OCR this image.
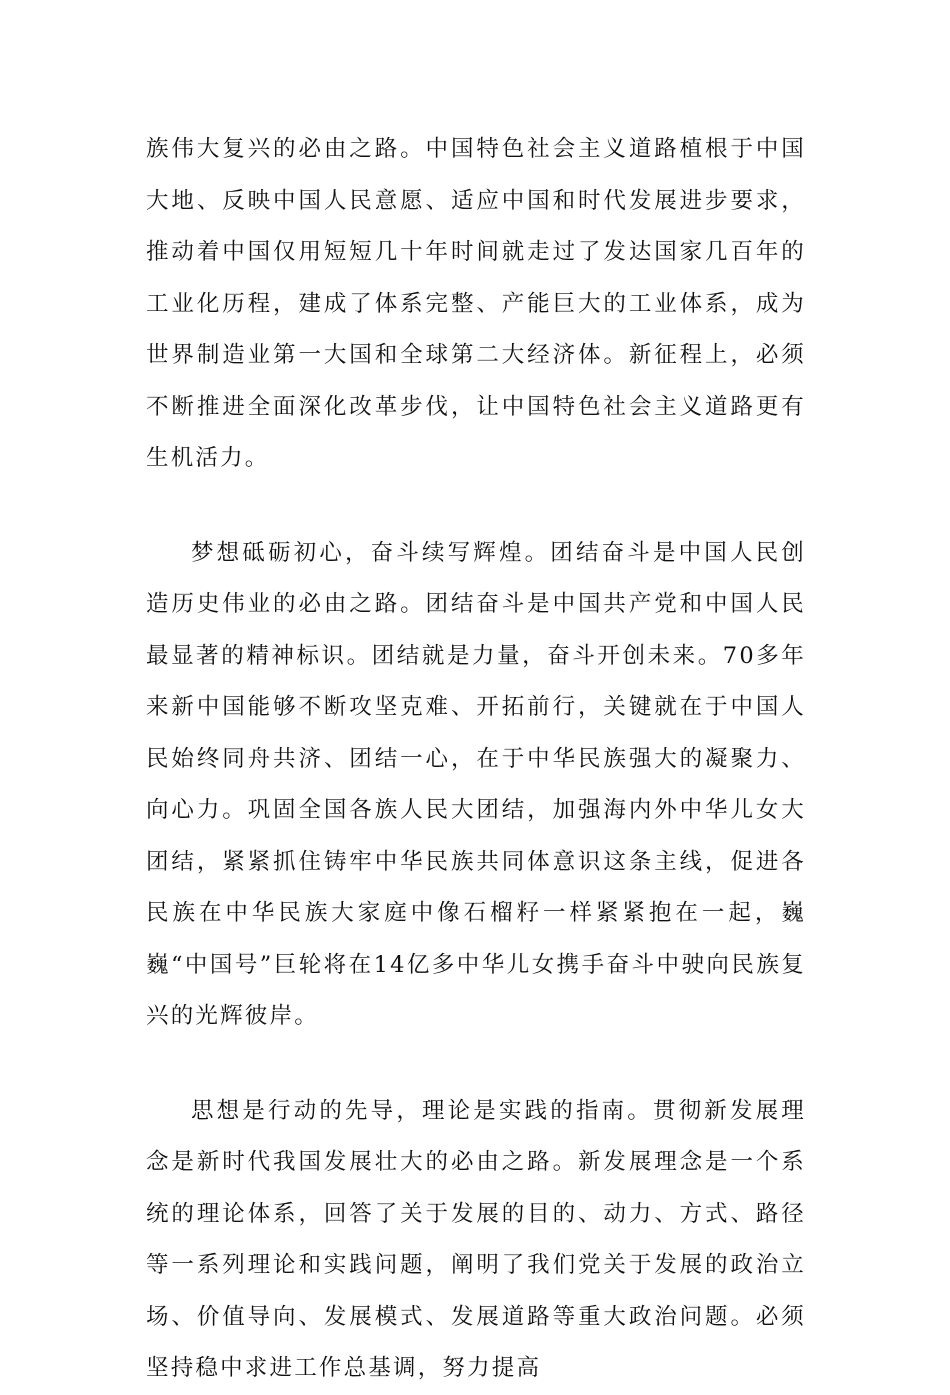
族伟大复兴的必由之路。中国特色社会主义道路植根于中国大地、反映中国人民意愿、适应中国和时代发展进步要求，推动着中国仅用短短几十年时间就走过了发达国家几百年的工业化历程，建成了体系完整、产能巨大的工业体系，成为世界制造业第一大国和全球第二大经济体。新征程上，必须不断推进全面深化改革步伐，让中国特色社会主义道路更有生机活力。

梦想砥砺初心，奋斗续写辉煌。团结奋斗是中国人民创造历史伟业的必由之路。团结奋斗是中国共产党和中国人民最显著的精神标识。团结就是力量，奋斗开创未来。70多年来新中国能够不断攻坚克难、开拓前行，关键就在于中国人民始终同舟共济、团结一心，在于中华民族强大的凝聚力、向心力。巩固全国各族人民大团结，加强海内外中华儿女大团结，紧紧抓住铸牢中华民族共同体意识这条主线，促进各民族在中华民族大家庭中像石榴籽一样紧紧抱在一起，巍巍“中国号”巨轮将在14亿多中华儿女携手奋斗中驶向民族复兴的光辉彼岸。

思想是行动的先导，理论是实践的指南。贯彻新发展理念是新时代我国发展壮大的必由之路。新发展理念是一个系统的理论体系，回答了关于发展的目的、动力、方式、路径等一系列理论和实践问题，阐明了我们党关于发展的政治立场、价值导向、发展模式、发展道路等重大政治问题。必须坚持稳中求进工作总基调，努力提高
